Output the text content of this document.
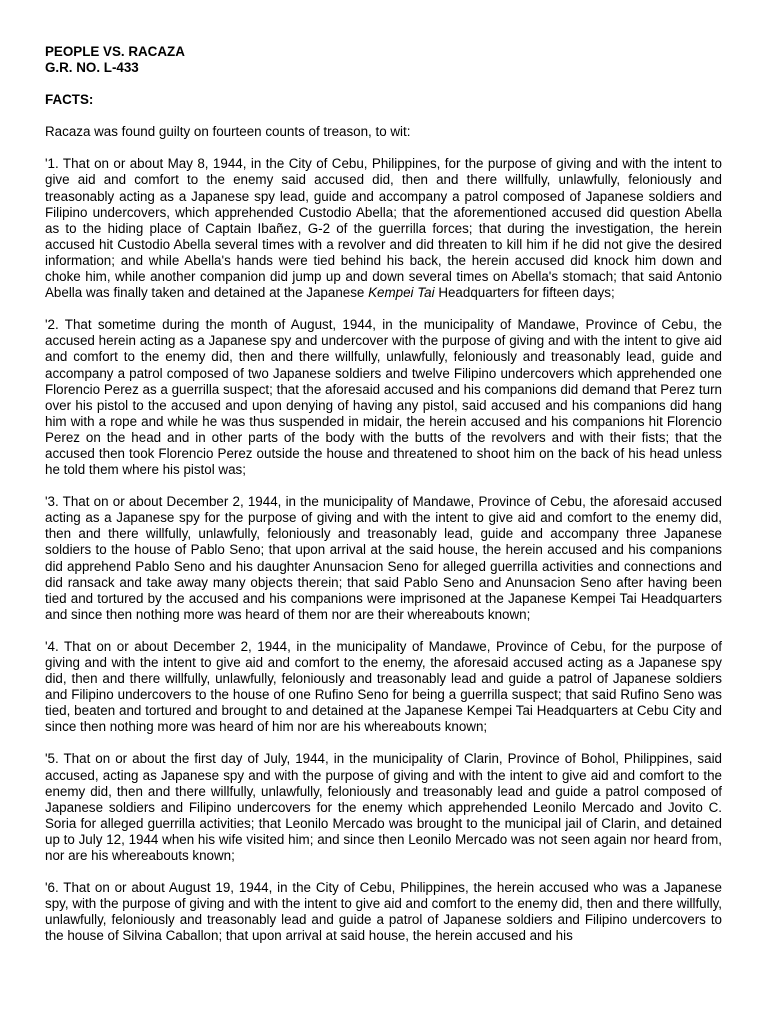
PEOPLE VS. RACAZA
G.R. NO. L-433
FACTS:
Racaza was found guilty on fourteen counts of treason, to wit:

'1. That on or about May 8, 1944, in the City of Cebu, Philippines, for the purpose of giving and with the intent to give aid and comfort to the enemy said accused did, then and there willfully, unlawfully, feloniously and treasonably acting as a Japanese spy lead, guide and accompany a patrol composed of Japanese soldiers and Filipino undercovers, which apprehended Custodio Abella; that the aforementioned accused did question Abella as to the hiding place of Captain Ibañez, G-2 of the guerrilla forces; that during the investigation, the herein accused hit Custodio Abella several times with a revolver and did threaten to kill him if he did not give the desired information; and while Abella's hands were tied behind his back, the herein accused did knock him down and choke him, while another companion did jump up and down several times on Abella's stomach; that said Antonio Abella was finally taken and detained at the Japanese Kempei Tai Headquarters for fifteen days;

'2. That sometime during the month of August, 1944, in the municipality of Mandawe, Province of Cebu, the accused herein acting as a Japanese spy and undercover with the purpose of giving and with the intent to give aid and comfort to the enemy did, then and there willfully, unlawfully, feloniously and treasonably lead, guide and accompany a patrol composed of two Japanese soldiers and twelve Filipino undercovers which apprehended one Florencio Perez as a guerrilla suspect; that the aforesaid accused and his companions did demand that Perez turn over his pistol to the accused and upon denying of having any pistol, said accused and his companions did hang him with a rope and while he was thus suspended in midair, the herein accused and his companions hit Florencio Perez on the head and in other parts of the body with the butts of the revolvers and with their fists; that the accused then took Florencio Perez outside the house and threatened to shoot him on the back of his head unless he told them where his pistol was;

'3. That on or about December 2, 1944, in the municipality of Mandawe, Province of Cebu, the aforesaid accused acting as a Japanese spy for the purpose of giving and with the intent to give aid and comfort to the enemy did, then and there willfully, unlawfully, feloniously and treasonably lead, guide and accompany three Japanese soldiers to the house of Pablo Seno; that upon arrival at the said house, the herein accused and his companions did apprehend Pablo Seno and his daughter Anunsacion Seno for alleged guerrilla activities and connections and did ransack and take away many objects therein; that said Pablo Seno and Anunsacion Seno after having been tied and tortured by the accused and his companions were imprisoned at the Japanese Kempei Tai Headquarters and since then nothing more was heard of them nor are their whereabouts known;

'4. That on or about December 2, 1944, in the municipality of Mandawe, Province of Cebu, for the purpose of giving and with the intent to give aid and comfort to the enemy, the aforesaid accused acting as a Japanese spy did, then and there willfully, unlawfully, feloniously and treasonably lead and guide a patrol of Japanese soldiers and Filipino undercovers to the house of one Rufino Seno for being a guerrilla suspect; that said Rufino Seno was tied, beaten and tortured and brought to and detained at the Japanese Kempei Tai Headquarters at Cebu City and since then nothing more was heard of him nor are his whereabouts known;

'5. That on or about the first day of July, 1944, in the municipality of Clarin, Province of Bohol, Philippines, said accused, acting as Japanese spy and with the purpose of giving and with the intent to give aid and comfort to the enemy did, then and there willfully, unlawfully, feloniously and treasonably lead and guide a patrol composed of Japanese soldiers and Filipino undercovers for the enemy which apprehended Leonilo Mercado and Jovito C. Soria for alleged guerrilla activities; that Leonilo Mercado was brought to the municipal jail of Clarin, and detained up to July 12, 1944 when his wife visited him; and since then Leonilo Mercado was not seen again nor heard from, nor are his whereabouts known;

'6. That on or about August 19, 1944, in the City of Cebu, Philippines, the herein accused who was a Japanese spy, with the purpose of giving and with the intent to give aid and comfort to the enemy did, then and there willfully, unlawfully, feloniously and treasonably lead and guide a patrol of Japanese soldiers and Filipino undercovers to the house of Silvina Caballon; that upon arrival at said house, the herein accused and his
